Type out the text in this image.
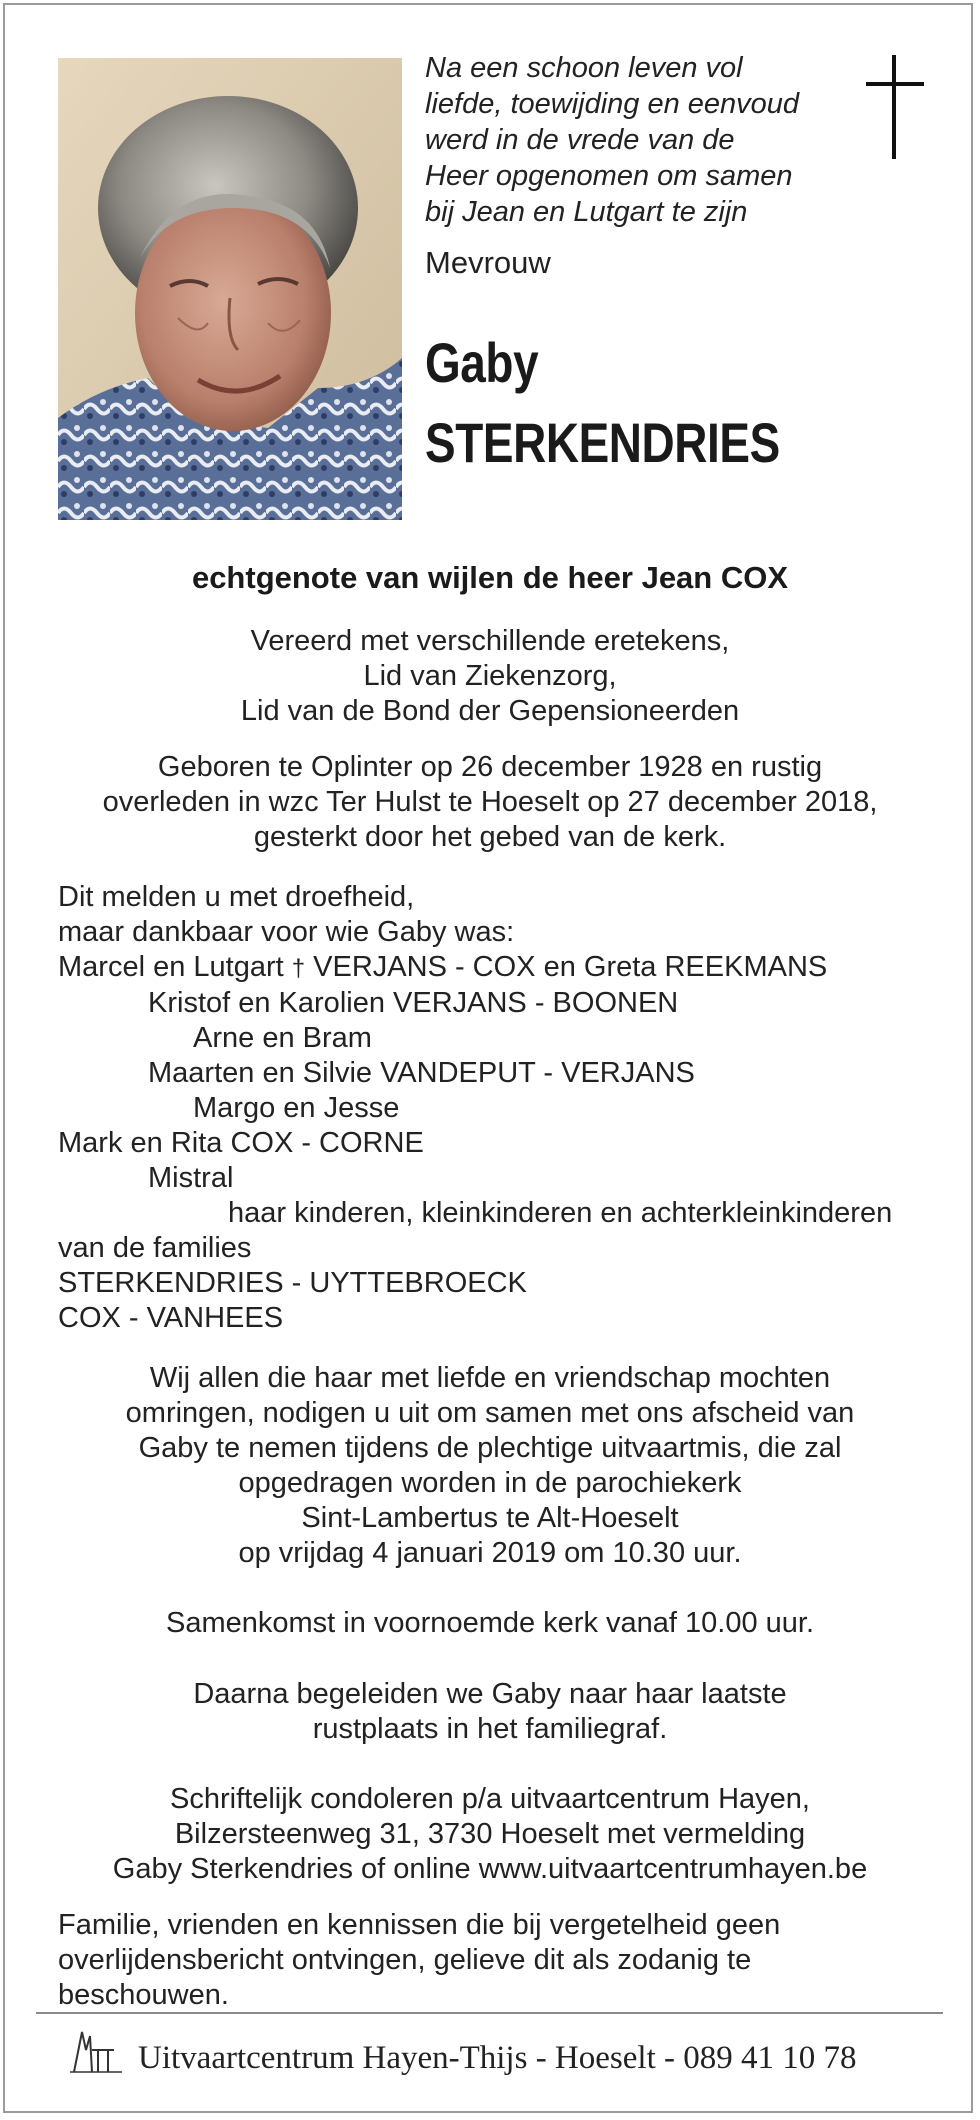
Na een schoon leven vol
liefde, toewijding en eenvoud
werd in de vrede van de
Heer opgenomen om samen
bij Jean en Lutgart te zijn
Mevrouw
Gaby
STERKENDRIES
echtgenote van wijlen de heer Jean COX
Vereerd met verschillende eretekens,
Lid van Ziekenzorg,
Lid van de Bond der Gepensioneerden
Geboren te Oplinter op 26 december 1928 en rustig
overleden in wzc Ter Hulst te Hoeselt op 27 december 2018,
gesterkt door het gebed van de kerk.
Dit melden u met droefheid,
maar dankbaar voor wie Gaby was:
Marcel en Lutgart † VERJANS - COX en Greta REEKMANS
Kristof en Karolien VERJANS - BOONEN
Arne en Bram
Maarten en Silvie VANDEPUT - VERJANS
Margo en Jesse
Mark en Rita COX - CORNE
Mistral
haar kinderen, kleinkinderen en achterkleinkinderen
van de families
STERKENDRIES - UYTTEBROECK
COX - VANHEES
Wij allen die haar met liefde en vriendschap mochten
omringen, nodigen u uit om samen met ons afscheid van
Gaby te nemen tijdens de plechtige uitvaartmis, die zal
opgedragen worden in de parochiekerk
Sint-Lambertus te Alt-Hoeselt
op vrijdag 4 januari 2019 om 10.30 uur.
Samenkomst in voornoemde kerk vanaf 10.00 uur.
Daarna begeleiden we Gaby naar haar laatste
rustplaats in het familiegraf.
Schriftelijk condoleren p/a uitvaartcentrum Hayen,
Bilzersteenweg 31, 3730 Hoeselt met vermelding
Gaby Sterkendries of online www.uitvaartcentrumhayen.be
Familie, vrienden en kennissen die bij vergetelheid geen
overlijdensbericht ontvingen, gelieve dit als zodanig te
beschouwen.
Uitvaartcentrum Hayen-Thijs - Hoeselt - 089 41 10 78
